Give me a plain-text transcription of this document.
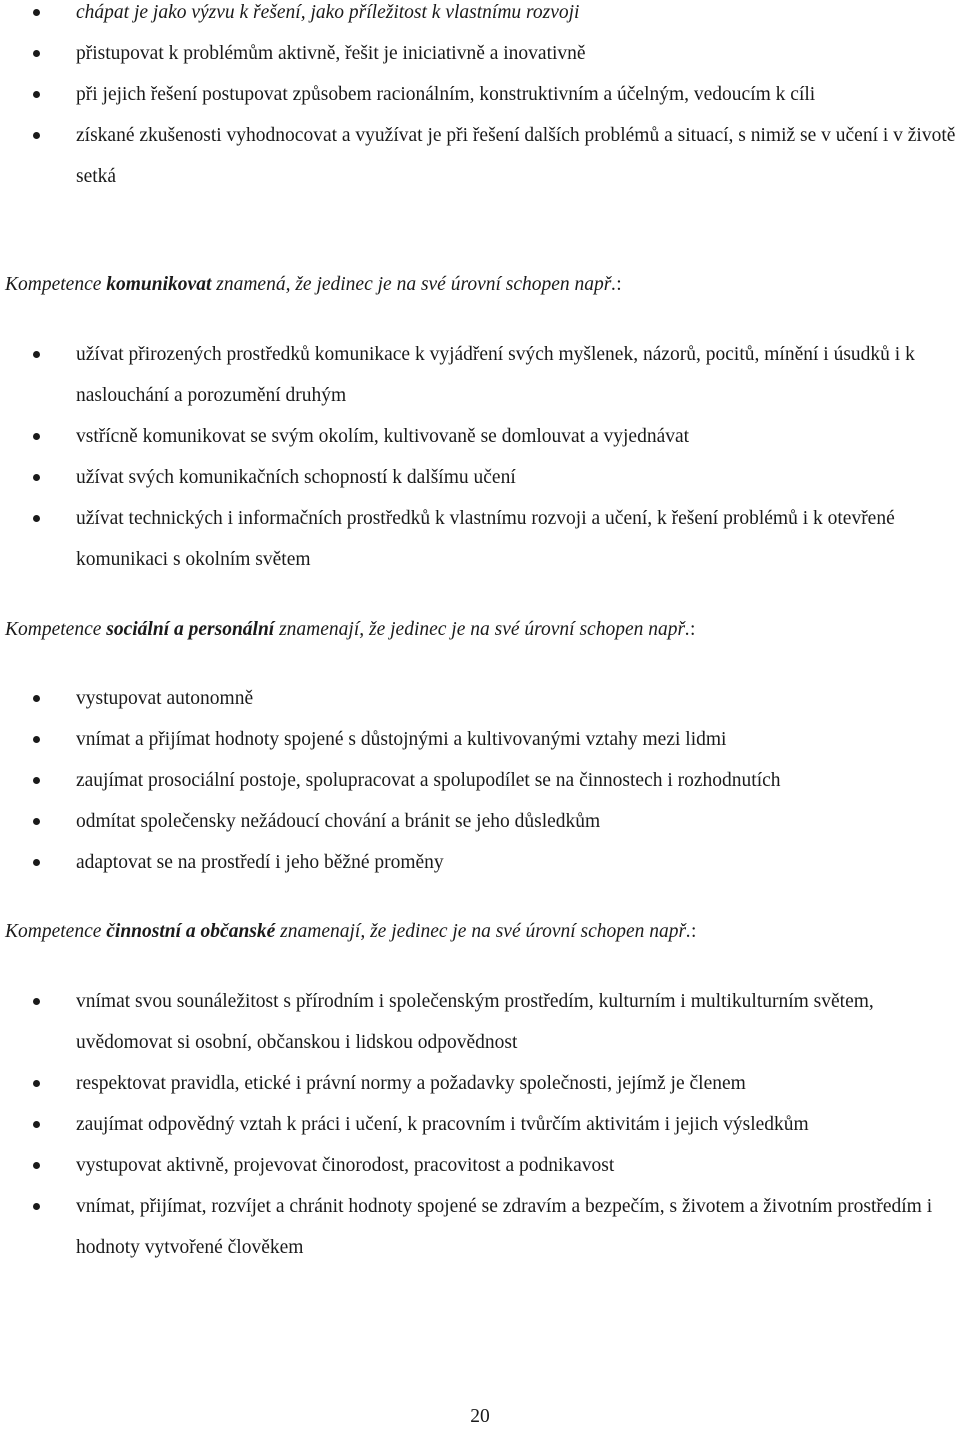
chápat je jako výzvu k řešení, jako příležitost k vlastnímu rozvoji
přistupovat k problémům aktivně, řešit je iniciativně a inovativně
při jejich řešení postupovat způsobem racionálním, konstruktivním a účelným, vedoucím k cíli
získané zkušenosti vyhodnocovat a využívat je při řešení dalších problémů a situací, s nimiž se v učení i v životě setká
Kompetence komunikovat znamená, že jedinec je na své úrovní schopen např.:
užívat přirozených prostředků komunikace k vyjádření svých myšlenek, názorů, pocitů, mínění i úsudků i k naslouchání a porozumění druhým
vstřícně komunikovat se svým okolím, kultivovaně se domlouvat a vyjednávat
užívat svých komunikačních schopností k dalšímu učení
užívat technických i informačních prostředků k vlastnímu rozvoji a učení, k řešení problémů i k otevřené komunikaci s okolním světem
Kompetence sociální a personální znamenají, že jedinec je na své úrovní schopen např.:
vystupovat autonomně
vnímat a přijímat hodnoty spojené s důstojnými a kultivovanými vztahy mezi lidmi
zaujímat prosociální postoje, spolupracovat a spolupodílet se na činnostech i rozhodnutích
odmítat společensky nežádoucí chování a bránit se jeho důsledkům
adaptovat se na prostředí i jeho běžné proměny
Kompetence činnostní a občanské znamenají, že jedinec je na své úrovní schopen např.:
vnímat svou sounáležitost s přírodním i společenským prostředím, kulturním i multikulturním světem, uvědomovat si osobní, občanskou i lidskou odpovědnost
respektovat pravidla, etické i právní normy a požadavky společnosti, jejímž je členem
zaujímat odpovědný vztah k práci i učení, k pracovním i tvůrčím aktivitám i jejich výsledkům
vystupovat aktivně, projevovat činorodost, pracovitost a podnikavost
vnímat, přijímat, rozvíjet a chránit hodnoty spojené se zdravím a bezpečím, s životem a životním prostředím i hodnoty vytvořené člověkem
20
